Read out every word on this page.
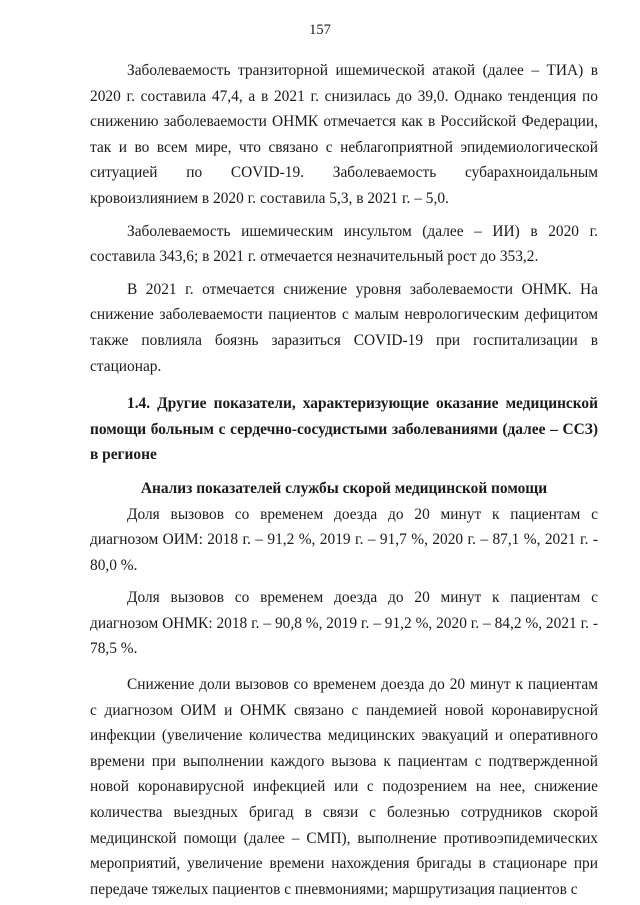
157

Заболеваемость транзиторной ишемической атакой (далее – ТИА) в 2020 г. составила 47,4, а в 2021 г. снизилась до 39,0. Однако тенденция по снижению заболеваемости ОНМК отмечается как в Российской Федерации, так и во всем мире, что связано с неблагоприятной эпидемиологической ситуацией по COVID-19. Заболеваемость субарахноидальным кровоизлиянием в 2020 г. составила 5,3, в 2021 г. – 5,0.

Заболеваемость ишемическим инсультом (далее – ИИ) в 2020 г. составила 343,6; в 2021 г. отмечается незначительный рост до 353,2.

В 2021 г. отмечается снижение уровня заболеваемости ОНМК. На снижение заболеваемости пациентов с малым неврологическим дефицитом также повлияла боязнь заразиться COVID-19 при госпитализации в стационар.

1.4. Другие показатели, характеризующие оказание медицинской помощи больным с сердечно-сосудистыми заболеваниями (далее – ССЗ) в регионе

Анализ показателей службы скорой медицинской помощи

Доля вызовов со временем доезда до 20 минут к пациентам с диагнозом ОИМ: 2018 г. – 91,2 %, 2019 г. – 91,7 %, 2020 г. – 87,1 %, 2021 г. - 80,0 %.

Доля вызовов со временем доезда до 20 минут к пациентам с диагнозом ОНМК: 2018 г. – 90,8 %, 2019 г. – 91,2 %, 2020 г. – 84,2 %, 2021 г. - 78,5 %.

Снижение доли вызовов со временем доезда до 20 минут к пациентам с диагнозом ОИМ и ОНМК связано с пандемией новой коронавирусной инфекции (увеличение количества медицинских эвакуаций и оперативного времени при выполнении каждого вызова к пациентам с подтвержденной новой коронавирусной инфекцией или с подозрением на нее, снижение количества выездных бригад в связи с болезнью сотрудников скорой медицинской помощи (далее – СМП), выполнение противоэпидемических мероприятий, увеличение времени нахождения бригады в стационаре при передаче тяжелых пациентов с пневмониями; маршрутизация пациентов с
